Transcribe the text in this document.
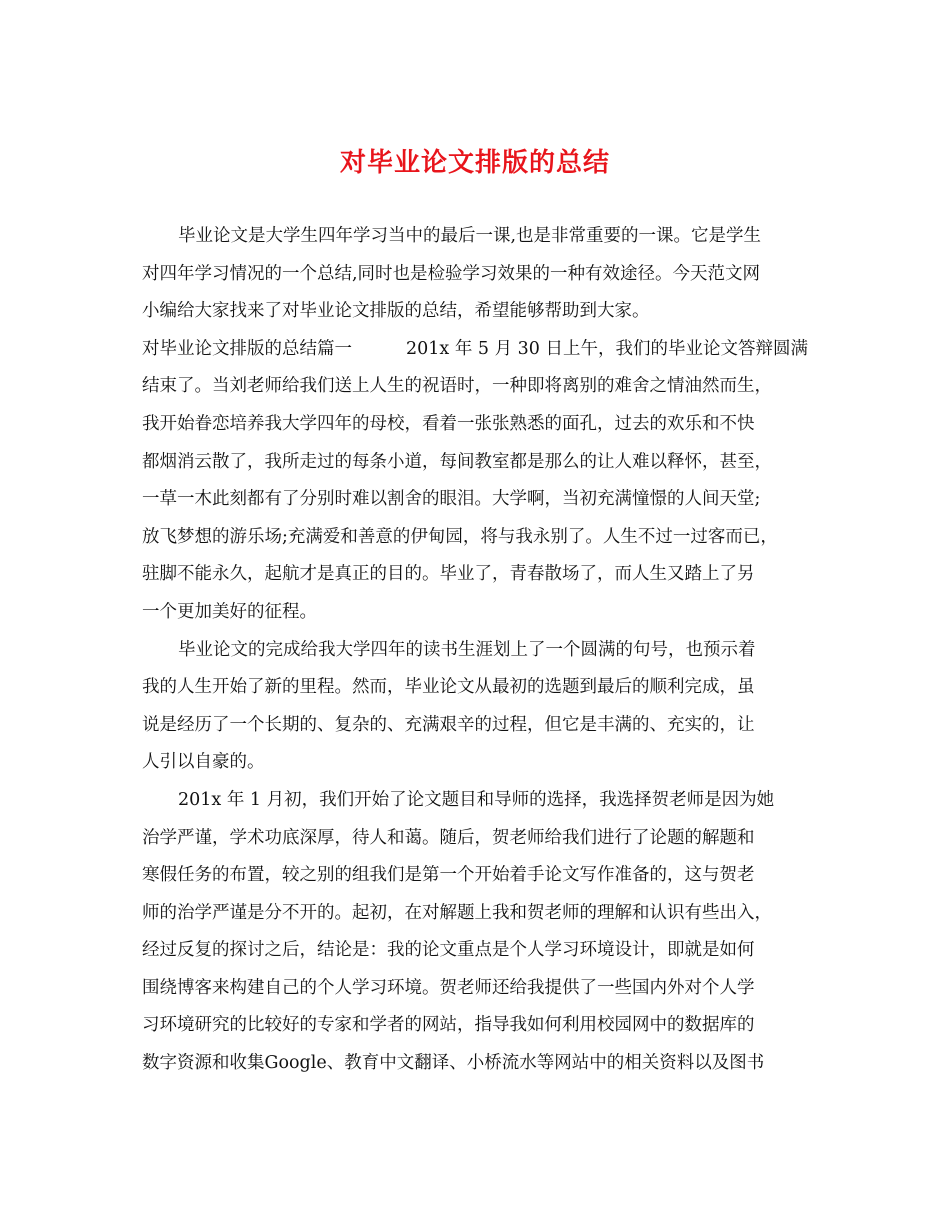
对毕业论文排版的总结
毕业论文是大学生四年学习当中的最后一课,也是非常重要的一课。它是学生
对四年学习情况的一个总结,同时也是检验学习效果的一种有效途径。今天范文网
小编给大家找来了对毕业论文排版的总结，希望能够帮助到大家。
对毕业论文排版的总结篇一	201x 年 5 月 30 日上午，我们的毕业论文答辩圆满
结束了。当刘老师给我们送上人生的祝语时，一种即将离别的难舍之情油然而生，
我开始眷恋培养我大学四年的母校，看着一张张熟悉的面孔，过去的欢乐和不快
都烟消云散了，我所走过的每条小道，每间教室都是那么的让人难以释怀，甚至，
一草一木此刻都有了分别时难以割舍的眼泪。大学啊，当初充满憧憬的人间天堂;
放飞梦想的游乐场;充满爱和善意的伊甸园，将与我永别了。人生不过一过客而已，
驻脚不能永久，起航才是真正的目的。毕业了，青春散场了，而人生又踏上了另
一个更加美好的征程。
毕业论文的完成给我大学四年的读书生涯划上了一个圆满的句号，也预示着
我的人生开始了新的里程。然而，毕业论文从最初的选题到最后的顺利完成，虽
说是经历了一个长期的、复杂的、充满艰辛的过程，但它是丰满的、充实的，让
人引以自豪的。
201x 年 1 月初，我们开始了论文题目和导师的选择，我选择贺老师是因为她
治学严谨，学术功底深厚，待人和蔼。随后，贺老师给我们进行了论题的解题和
寒假任务的布置，较之别的组我们是第一个开始着手论文写作准备的，这与贺老
师的治学严谨是分不开的。起初，在对解题上我和贺老师的理解和认识有些出入，
经过反复的探讨之后，结论是：我的论文重点是个人学习环境设计，即就是如何
围绕博客来构建自己的个人学习环境。贺老师还给我提供了一些国内外对个人学
习环境研究的比较好的专家和学者的网站，指导我如何利用校园网中的数据库的
数字资源和收集Google、教育中文翻译、小桥流水等网站中的相关资料以及图书
